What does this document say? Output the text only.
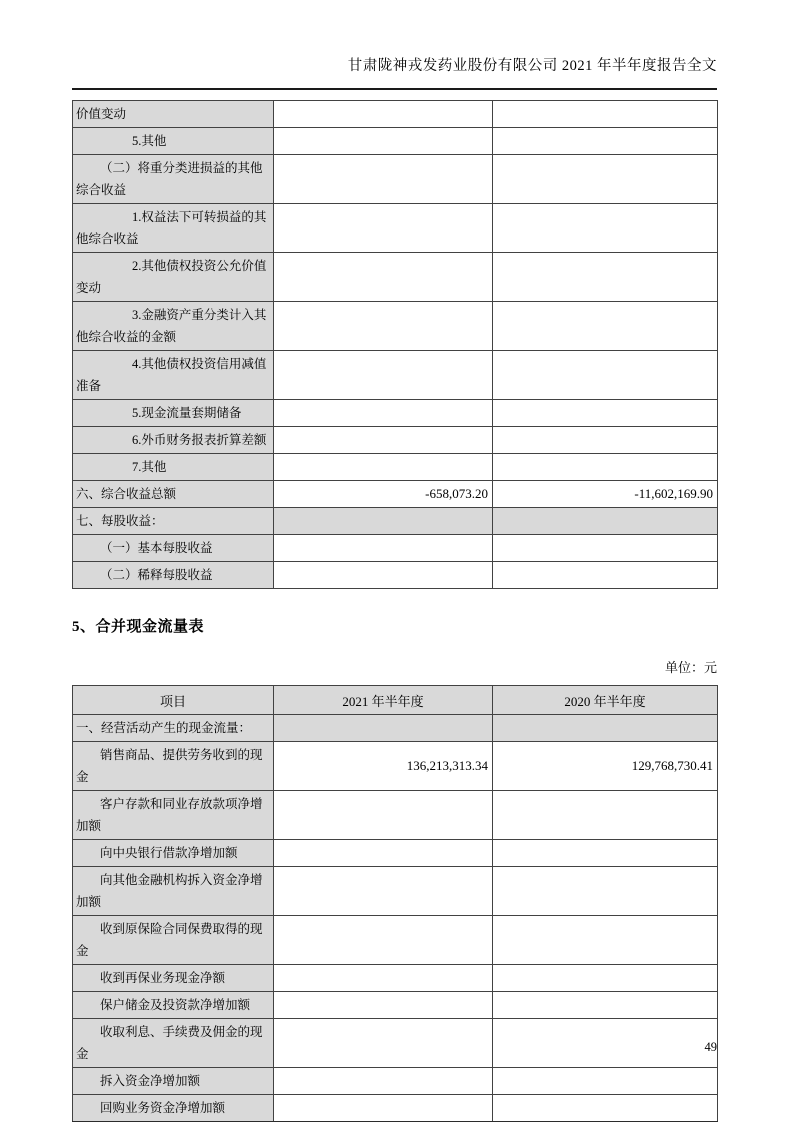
甘肃陇神戎发药业股份有限公司 2021 年半年度报告全文
价值变动		
5.其他		
（二）将重分类进损益的其他综合收益		
1.权益法下可转损益的其他综合收益		
2.其他债权投资公允价值变动		
3.金融资产重分类计入其他综合收益的金额		
4.其他债权投资信用减值准备		
5.现金流量套期储备		
6.外币财务报表折算差额		
7.其他		
六、综合收益总额	-658,073.20	-11,602,169.90
七、每股收益：		
（一）基本每股收益		
（二）稀释每股收益		
5、合并现金流量表
单位：元
项目	2021 年半年度	2020 年半年度
一、经营活动产生的现金流量：		
销售商品、提供劳务收到的现金	136,213,313.34	129,768,730.41
客户存款和同业存放款项净增加额		
向中央银行借款净增加额		
向其他金融机构拆入资金净增加额		
收到原保险合同保费取得的现金		
收到再保业务现金净额		
保户储金及投资款净增加额		
收取利息、手续费及佣金的现金		
拆入资金净增加额		
回购业务资金净增加额		
49
